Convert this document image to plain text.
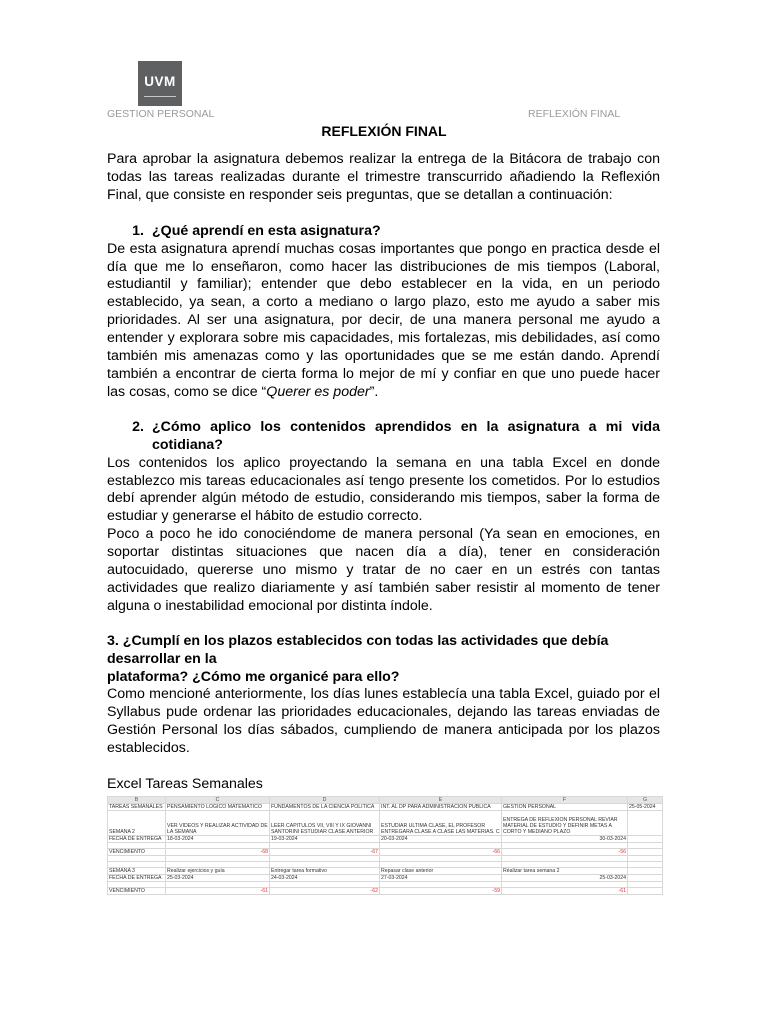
UVM
GESTION PERSONAL	REFLEXIÓN FINAL
REFLEXIÓN FINAL

Para aprobar la asignatura debemos realizar la entrega de la Bitácora de trabajo con todas las tareas realizadas durante el trimestre transcurrido añadiendo la Reflexión Final, que consiste en responder seis preguntas, que se detallan a continuación:

1. ¿Qué aprendí en esta asignatura?

De esta asignatura aprendí muchas cosas importantes que pongo en practica desde el día que me lo enseñaron, como hacer las distribuciones de mis tiempos (Laboral, estudiantil y familiar); entender que debo establecer en la vida, en un periodo establecido, ya sean, a corto a mediano o largo plazo, esto me ayudo a saber mis prioridades. Al ser una asignatura, por decir, de una manera personal me ayudo a entender y explorara sobre mis capacidades, mis fortalezas, mis debilidades, así como también mis amenazas como y las oportunidades que se me están dando. Aprendí también a encontrar de cierta forma lo mejor de mí y confiar en que uno puede hacer las cosas, como se dice “Querer es poder”.

2. ¿Cómo aplico los contenidos aprendidos en la asignatura a mi vida cotidiana?

Los contenidos los aplico proyectando la semana en una tabla Excel en donde establezco mis tareas educacionales así tengo presente los cometidos. Por lo estudios debí aprender algún método de estudio, considerando mis tiempos, saber la forma de estudiar y generarse el hábito de estudio correcto.

Poco a poco he ido conociéndome de manera personal (Ya sean en emociones, en soportar distintas situaciones que nacen día a día), tener en consideración autocuidado, quererse uno mismo y tratar de no caer en un estrés con tantas actividades que realizo diariamente y así también saber resistir al momento de tener alguna o inestabilidad emocional por distinta índole.

3. ¿Cumplí en los plazos establecidos con todas las actividades que debía desarrollar en la
plataforma? ¿Cómo me organicé para ello?

Como mencioné anteriormente, los días lunes establecía una tabla Excel, guiado por el Syllabus pude ordenar las prioridades educacionales, dejando las tareas enviadas de Gestión Personal los días sábados, cumpliendo de manera anticipada por los plazos establecidos.

Excel Tareas Semanales
B	C	D	E	F	G
TAREAS SEMANALES	PENSAMIENTO LOGICO MATEMÁTICO	FUNDAMENTOS DE LA CIENCIA POLÍTICA	INT. AL DP PARA ADMINISTRACION PÚBLICA	GESTION PERSONAL	25-05-2024
SEMANA 2	VER VIDEOS Y REALIZAR ACTIVIDAD DE LA SEMANA	LEER CAPITULOS VII, VIII Y IX GIOVANNI SANTORINI ESTUDIAR CLASE ANTERIOR	ESTUDIAR ULTIMA CLASE, EL PROFESOR ENTREGARA CLASE A CLASE LAS MATERIAS. C	ENTREGA DE REFLEXION PERSONAL REVIAR MATERIAL DE ESTUDIO Y DEFINIR METAS A CORTO Y MEDIANO PLAZO	
FECHA DE ENTREGA	18-03-2024	19-03-2024	20-03-2024	30-03-2024	

VENCIMIENTO	-68	-67	-66	-56	

SEMANA 3	Realizar ejercicios y guía	Entregar tarea formativo	Repasar clase anterior	Réalizar tarea semana 2	
FECHA DE ENTREGA	25-03-2024	24-03-2024	27-03-2024	25-03-2024	

VENCIMIENTO	-61	-62	-59	-61	
